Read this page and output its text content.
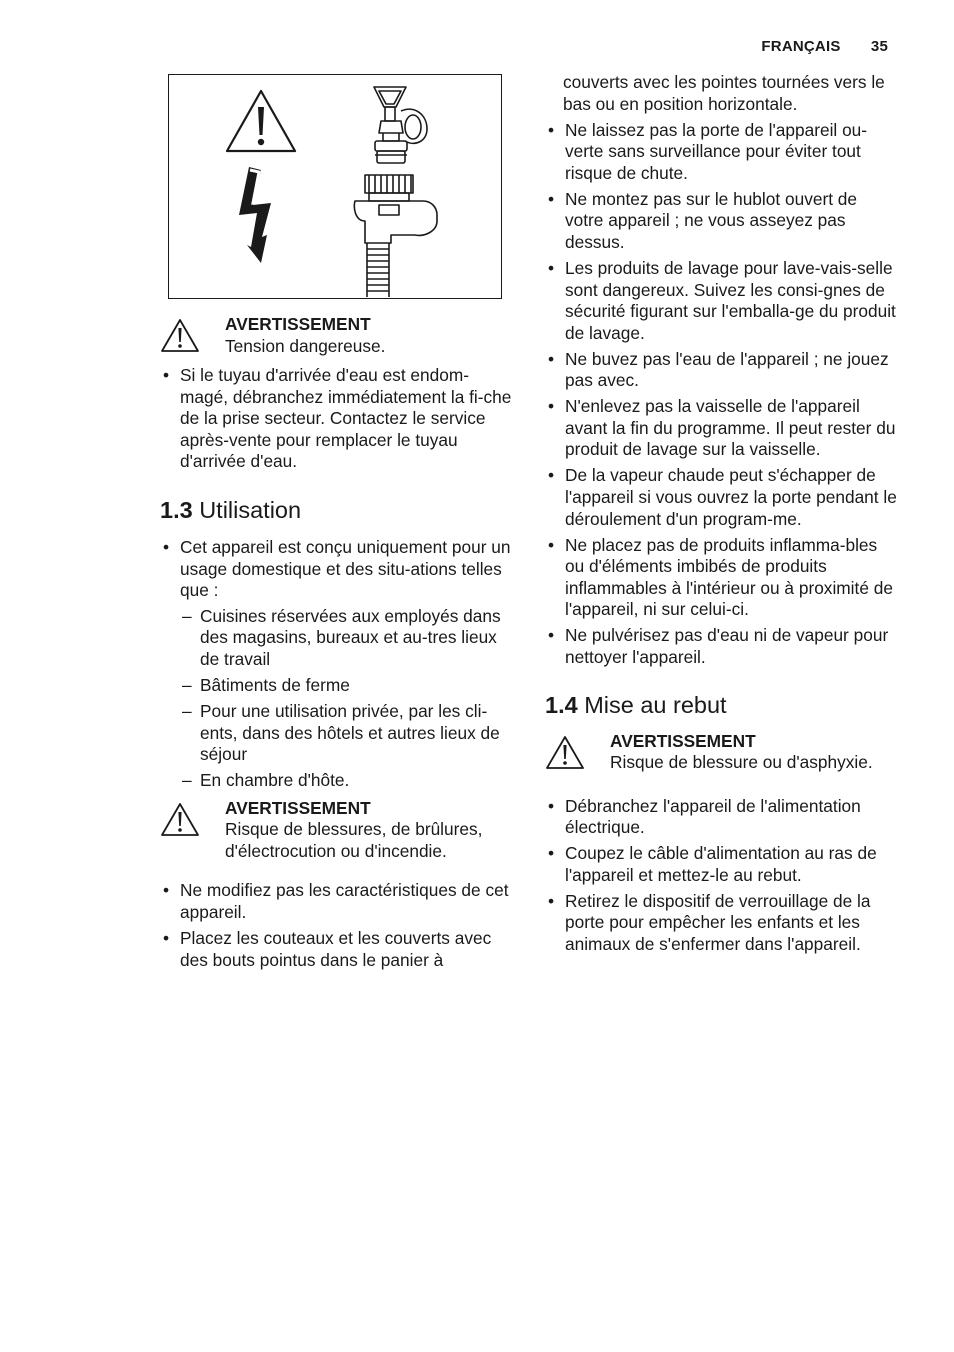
FRANÇAIS 35
AVERTISSEMENT
Tension dangereuse.
• Si le tuyau d'arrivée d'eau est endom-magé, débranchez immédiatement la fi-che de la prise secteur. Contactez le service après-vente pour remplacer le tuyau d'arrivée d'eau.
1.3 Utilisation
• Cet appareil est conçu uniquement pour un usage domestique et des situ-ations telles que :
– Cuisines réservées aux employés dans des magasins, bureaux et au-tres lieux de travail
– Bâtiments de ferme
– Pour une utilisation privée, par les cli-ents, dans des hôtels et autres lieux de séjour
– En chambre d'hôte.
AVERTISSEMENT
Risque de blessures, de brûlures, d'électrocution ou d'incendie.
• Ne modifiez pas les caractéristiques de cet appareil.
• Placez les couteaux et les couverts avec des bouts pointus dans le panier à
couverts avec les pointes tournées vers le bas ou en position horizontale.
• Ne laissez pas la porte de l'appareil ou-verte sans surveillance pour éviter tout risque de chute.
• Ne montez pas sur le hublot ouvert de votre appareil ; ne vous asseyez pas dessus.
• Les produits de lavage pour lave-vais-selle sont dangereux. Suivez les consi-gnes de sécurité figurant sur l'emballa-ge du produit de lavage.
• Ne buvez pas l'eau de l'appareil ; ne jouez pas avec.
• N'enlevez pas la vaisselle de l'appareil avant la fin du programme. Il peut rester du produit de lavage sur la vaisselle.
• De la vapeur chaude peut s'échapper de l'appareil si vous ouvrez la porte pendant le déroulement d'un program-me.
• Ne placez pas de produits inflamma-bles ou d'éléments imbibés de produits inflammables à l'intérieur ou à proximité de l'appareil, ni sur celui-ci.
• Ne pulvérisez pas d'eau ni de vapeur pour nettoyer l'appareil.
1.4 Mise au rebut
AVERTISSEMENT
Risque de blessure ou d'asphyxie.
• Débranchez l'appareil de l'alimentation électrique.
• Coupez le câble d'alimentation au ras de l'appareil et mettez-le au rebut.
• Retirez le dispositif de verrouillage de la porte pour empêcher les enfants et les animaux de s'enfermer dans l'appareil.
